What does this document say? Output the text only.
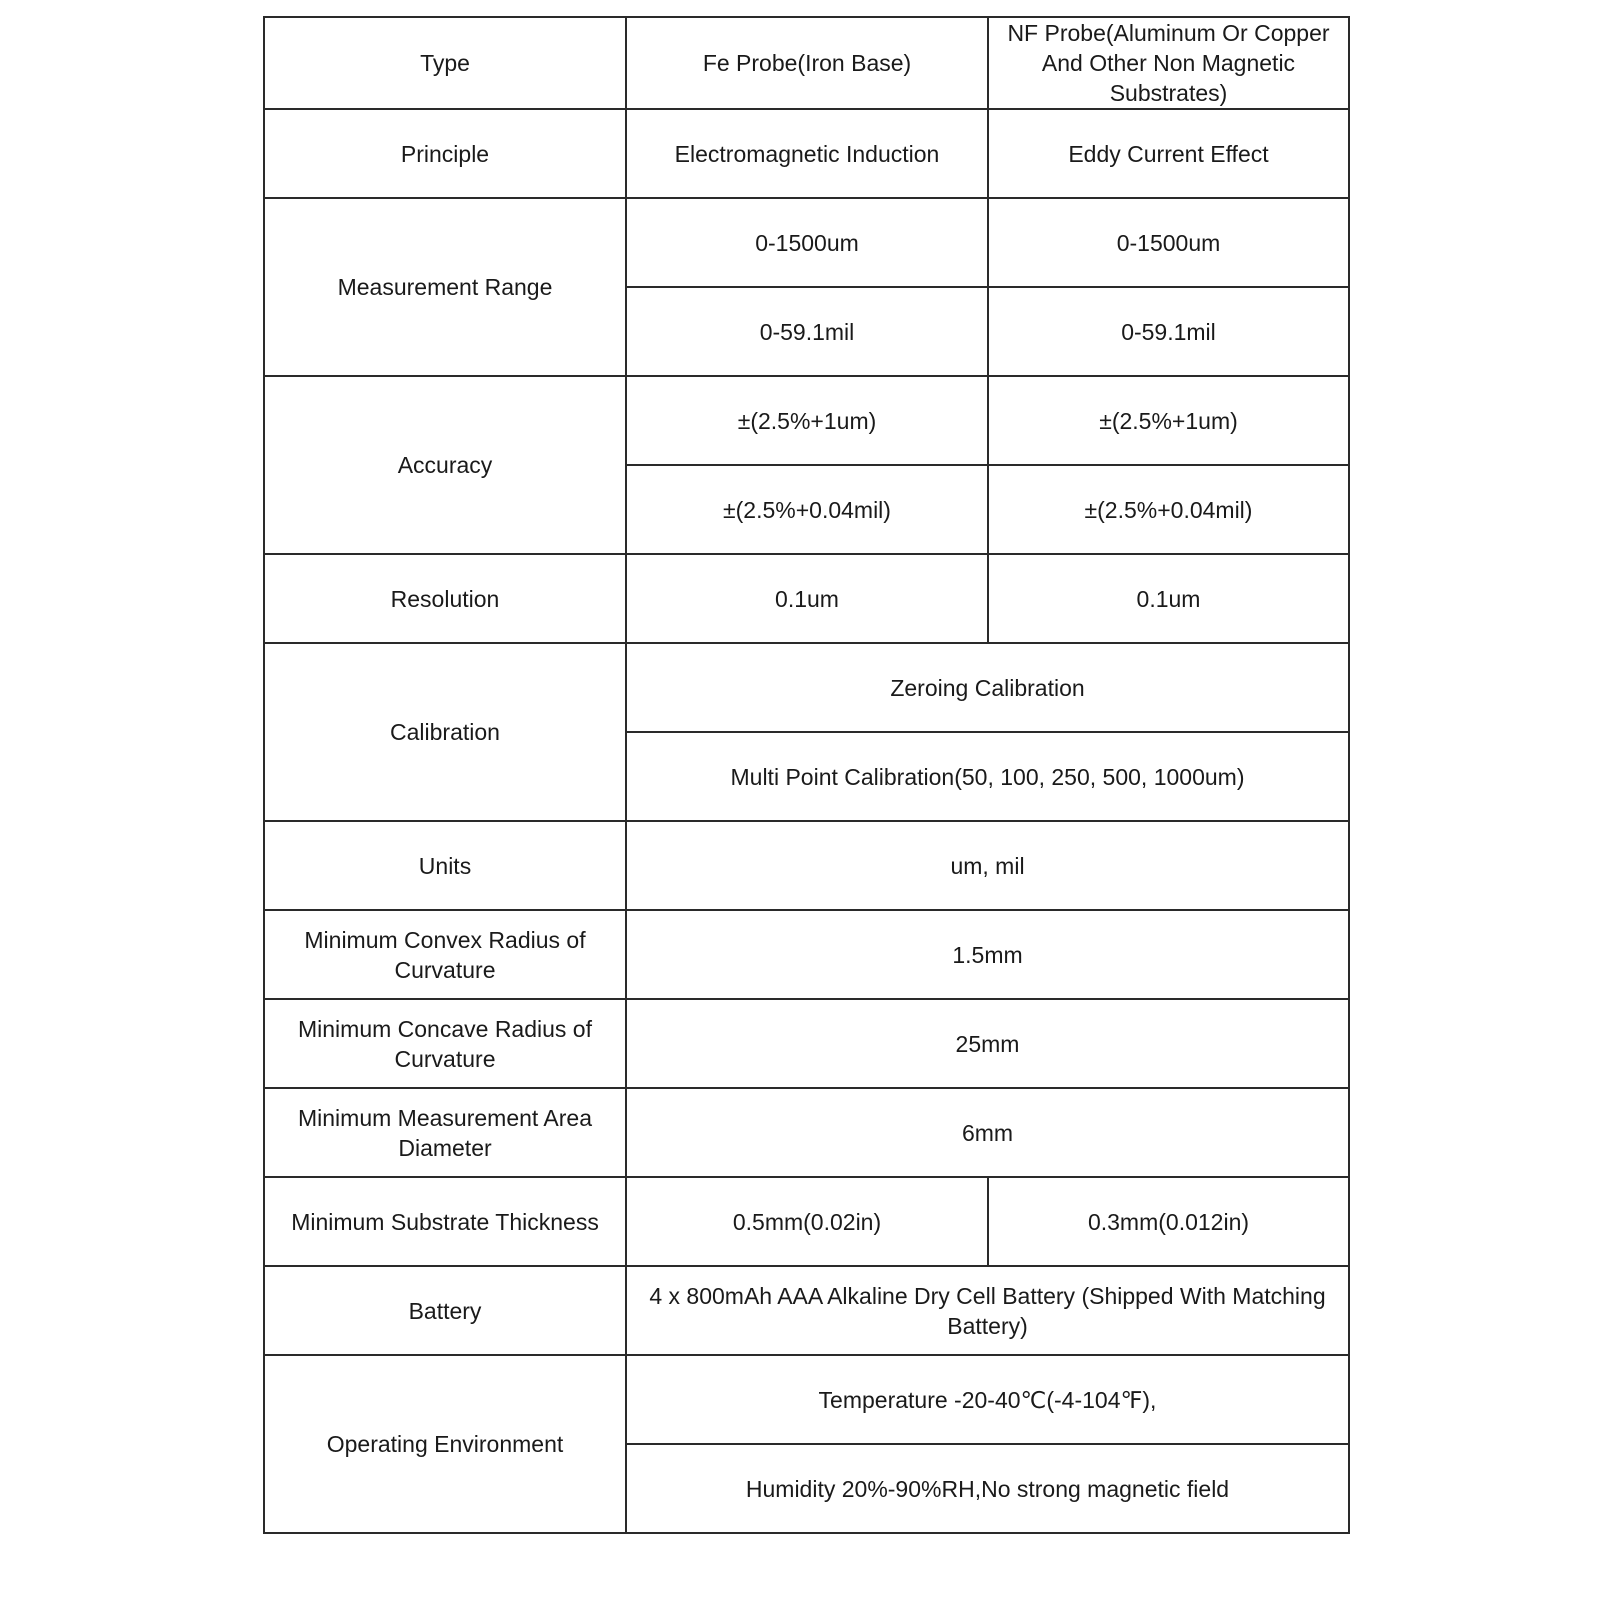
Type	Fe Probe(Iron Base)	NF Probe(Aluminum Or Copper And Other Non Magnetic Substrates)
Principle	Electromagnetic Induction	Eddy Current Effect
Measurement Range	0-1500um	0-1500um
	0-59.1mil	0-59.1mil
Accuracy	±(2.5%+1um)	±(2.5%+1um)
	±(2.5%+0.04mil)	±(2.5%+0.04mil)
Resolution	0.1um	0.1um
Calibration	Zeroing Calibration	
	Multi Point Calibration(50, 100, 250, 500, 1000um)	
Units	um, mil	
Minimum Convex Radius of Curvature	1.5mm	
Minimum Concave Radius of Curvature	25mm	
Minimum Measurement Area Diameter	6mm	
Minimum Substrate Thickness	0.5mm(0.02in)	0.3mm(0.012in)
Battery	4 x 800mAh AAA Alkaline Dry Cell Battery (Shipped With Matching Battery)	
Operating Environment	Temperature -20-40℃(-4-104℉),	
	Humidity 20%-90%RH,No strong magnetic field	
